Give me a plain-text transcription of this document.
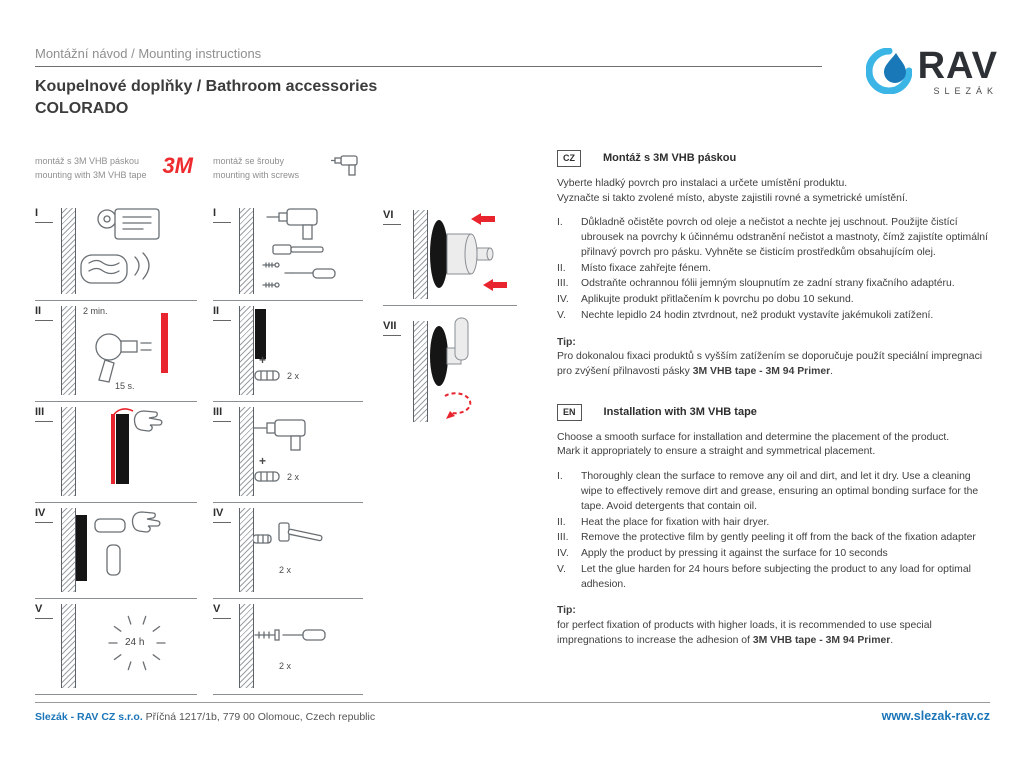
Montážní návod / Mounting instructions
Koupelnové doplňky / Bathroom accessories
COLORADO
RAV
SLEZÁK
montáž s 3M VHB páskou
mounting with 3M VHB tape 3M
I
II	2 min.
15 s.
III
IV
V
24 h
montáž se šrouby
mounting with screws
I
II
+
2 x
III
+
2 x
IV
2 x
V
2 x
VI
VII
CZ	Montáž s 3M VHB páskou
Vyberte hladký povrch pro instalaci a určete umístění produktu.
Vyznačte si takto zvolené místo, abyste zajistili rovné a symetrické umístění.
I.	Důkladně očistěte povrch od oleje a nečistot a nechte jej uschnout. Použijte čistící ubrousek na povrchy k účinnému odstranění nečistot a mastnoty, čímž zajistíte optimální přilnavý povrch pro pásku. Vyhněte se čisticím prostředkům obsahujícím olej.
II.	Místo fixace zahřejte fénem.
III.	Odstraňte ochrannou fólii jemným sloupnutím ze zadní strany fixačního adaptéru.
IV.	Aplikujte produkt přitlačením k povrchu po dobu 10 sekund.
V.	Nechte lepidlo 24 hodin ztvrdnout, než produkt vystavíte jakémukoli zatížení.
Tip:
Pro dokonalou fixaci produktů s vyšším zatížením se doporučuje použít speciální impregnaci pro zvýšení přilnavosti pásky 3M VHB tape - 3M 94 Primer.
EN	Installation with 3M VHB tape
Choose a smooth surface for installation and determine the placement of the product.
Mark it appropriately to ensure a straight and symmetrical placement.
I.	Thoroughly clean the surface to remove any oil and dirt, and let it dry. Use a cleaning wipe to effectively remove dirt and grease, ensuring an optimal bonding surface for the tape. Avoid detergents that contain oil.
II.	Heat the place for fixation with hair dryer.
III.	Remove the protective film by gently peeling it off from the back of the fixation adapter
IV.	Apply the product by pressing it against the surface for 10 seconds
V.	Let the glue harden for 24 hours before subjecting the product to any load for optimal adhesion.
Tip:
for perfect fixation of products with higher loads, it is recommended to use special impregnations to increase the adhesion of 3M VHB tape - 3M 94 Primer.
Slezák - RAV CZ s.r.o. Příčná 1217/1b, 779 00 Olomouc, Czech republic	www.slezak-rav.cz
